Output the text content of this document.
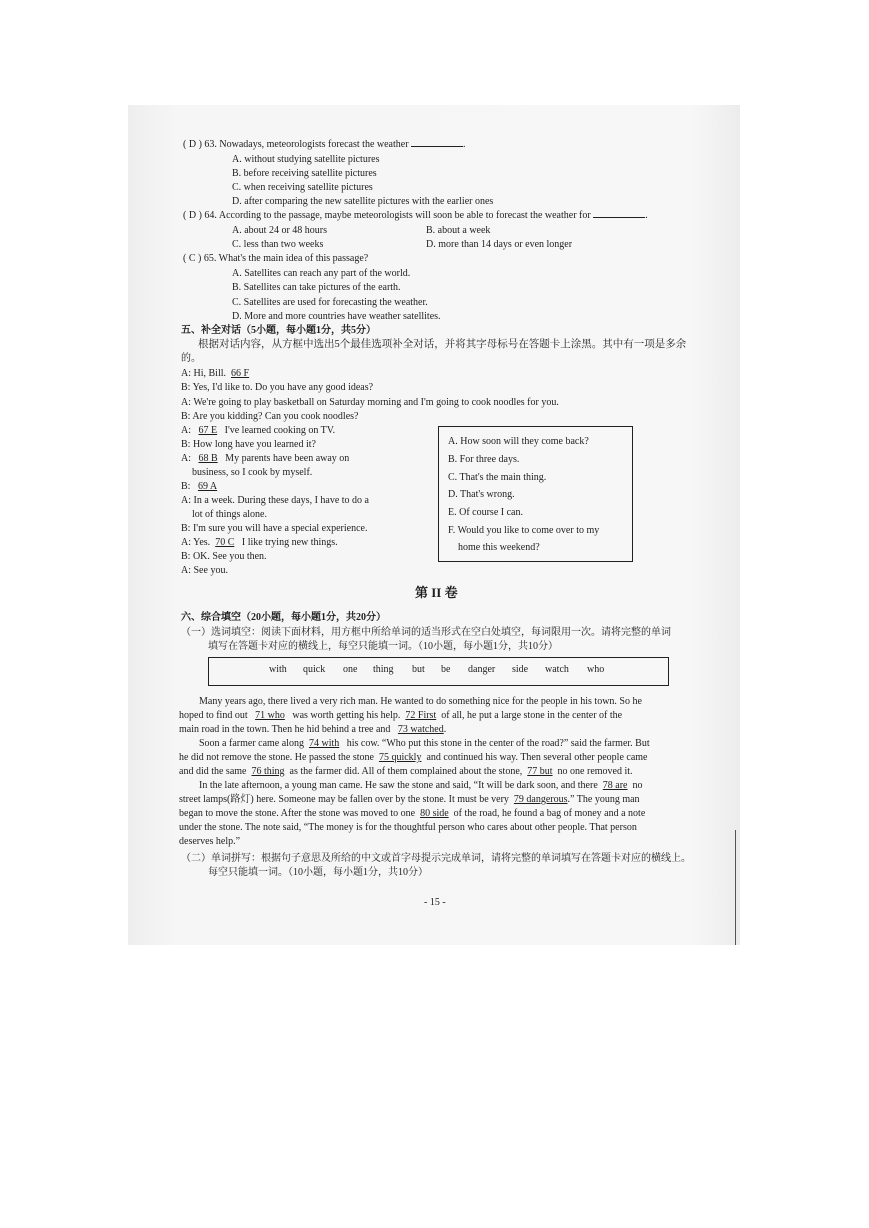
( D ) 63. Nowadays, meteorologists forecast the weather	.
A. without studying satellite pictures
B. before receiving satellite pictures
C. when receiving satellite pictures
D. after comparing the new satellite pictures with the earlier ones
( D ) 64. According to the passage, maybe meteorologists will soon be able to forecast the weather for	.
A. about 24 or 48 hours	B. about a week
C. less than two weeks	D. more than 14 days or even longer
( C ) 65. What's the main idea of this passage?
A. Satellites can reach any part of the world.
B. Satellites can take pictures of the earth.
C. Satellites are used for forecasting the weather.
D. More and more countries have weather satellites.
五、补全对话（5小题，每小题1分，共5分）
根据对话内容，从方框中选出5个最佳选项补全对话，并将其字母标号在答题卡上涂黑。其中有一项是多余
的。
A: Hi, Bill. 66 F
B: Yes, I'd like to. Do you have any good ideas?
A: We're going to play basketball on Saturday morning and I'm going to cook noodles for you.
B: Are you kidding? Can you cook noodles?
A: 67 E I've learned cooking on TV.
B: How long have you learned it?
A: 68 B My parents have been away on
business, so I cook by myself.
B: 69 A
A: In a week. During these days, I have to do a
lot of things alone.
B: I'm sure you will have a special experience.
A: Yes. 70 C I like trying new things.
B: OK. See you then.
A: See you.
A. How soon will they come back?
B. For three days.
C. That's the main thing.
D. That's wrong.
E. Of course I can.
F. Would you like to come over to my
home this weekend?
第 II 卷
六、综合填空（20小题，每小题1分，共20分）
（一）选词填空：阅读下面材料，用方框中所给单词的适当形式在空白处填空，每词限用一次。请将完整的单词
填写在答题卡对应的横线上，每空只能填一词。（10小题，每小题1分，共10分）
with quick one thing but be danger side watch who
Many years ago, there lived a very rich man. He wanted to do something nice for the people in his town. So he
hoped to find out 71 who was worth getting his help. 72 First of all, he put a large stone in the center of the
main road in the town. Then he hid behind a tree and 73 watched.
Soon a farmer came along 74 with his cow. “Who put this stone in the center of the road?” said the farmer. But
he did not remove the stone. He passed the stone 75 quickly and continued his way. Then several other people came
and did the same 76 thing as the farmer did. All of them complained about the stone, 77 but no one removed it.
In the late afternoon, a young man came. He saw the stone and said, “It will be dark soon, and there 78 are no
street lamps(路灯) here. Someone may be fallen over by the stone. It must be very 79 dangerous.” The young man
began to move the stone. After the stone was moved to one 80 side of the road, he found a bag of money and a note
under the stone. The note said, “The money is for the thoughtful person who cares about other people. That person
deserves help.”
（二）单词拼写：根据句子意思及所给的中文或首字母提示完成单词，请将完整的单词填写在答题卡对应的横线上。
每空只能填一词。（10小题，每小题1分，共10分）
- 15 -
